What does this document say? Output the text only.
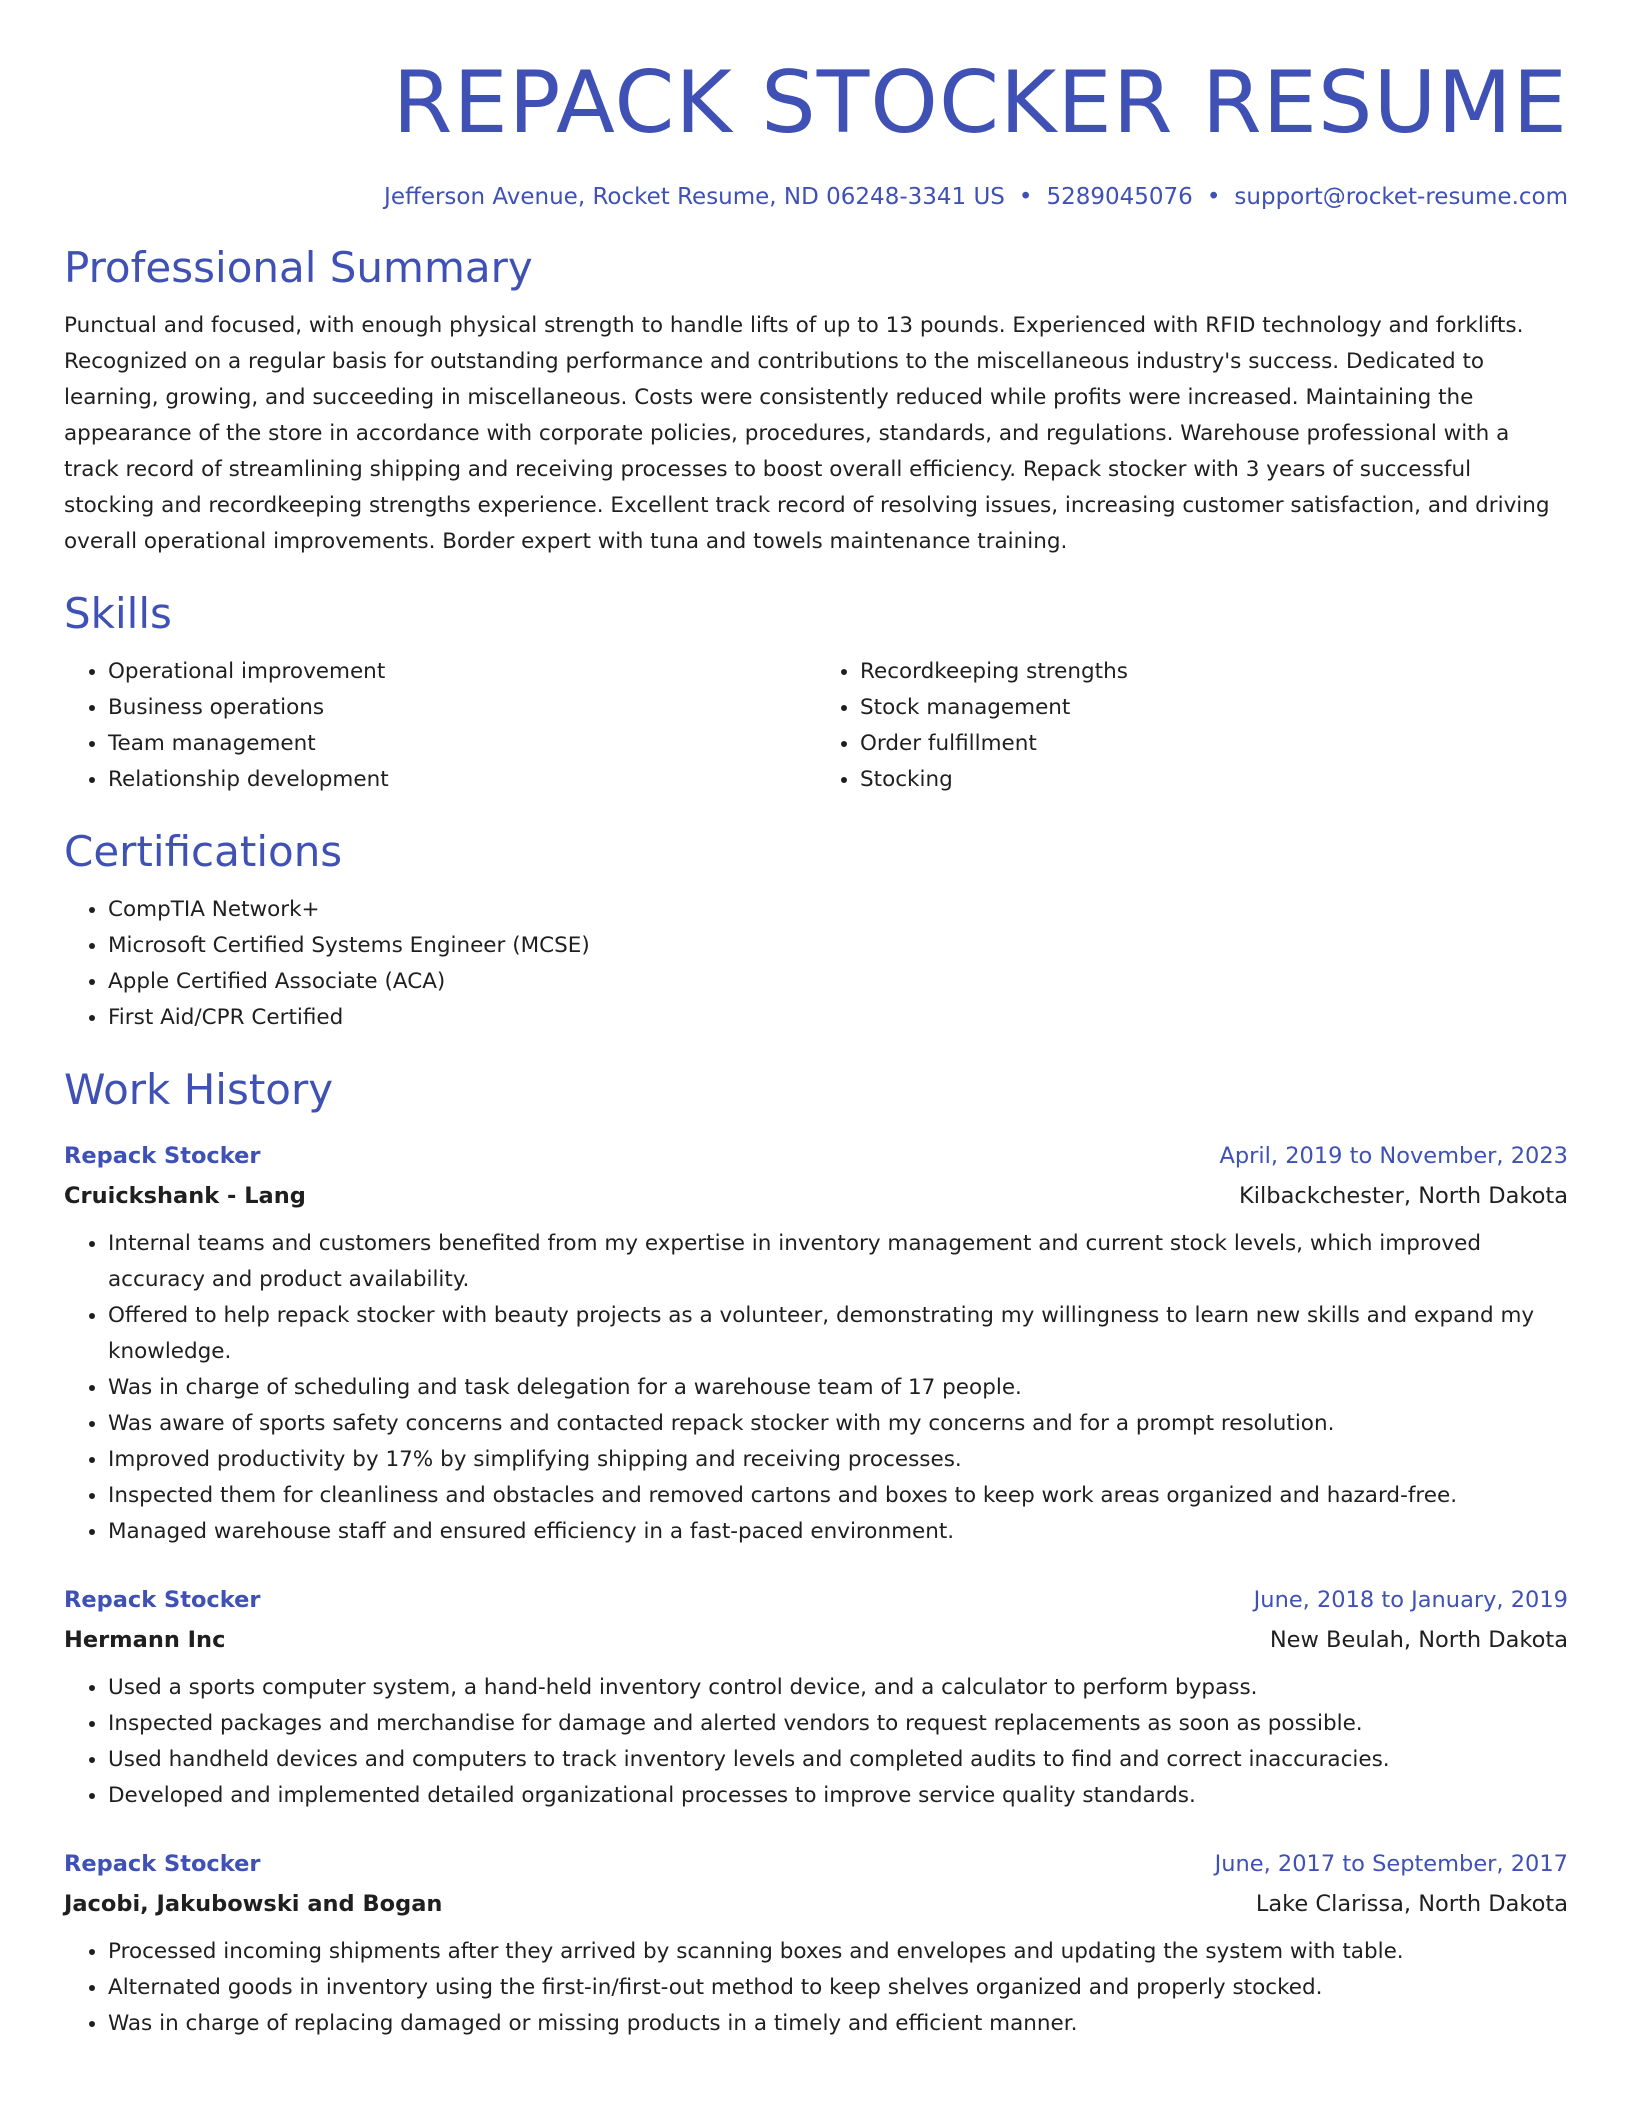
REPACK STOCKER RESUME
Jefferson Avenue, Rocket Resume, ND 06248-3341 US • 5289045076 • support@rocket-resume.com
Professional Summary

Punctual and focused, with enough physical strength to handle lifts of up to 13 pounds. Experienced with RFID technology and forklifts. Recognized on a regular basis for outstanding performance and contributions to the miscellaneous industry's success. Dedicated to learning, growing, and succeeding in miscellaneous. Costs were consistently reduced while profits were increased. Maintaining the appearance of the store in accordance with corporate policies, procedures, standards, and regulations. Warehouse professional with a track record of streamlining shipping and receiving processes to boost overall efficiency. Repack stocker with 3 years of successful stocking and recordkeeping strengths experience. Excellent track record of resolving issues, increasing customer satisfaction, and driving overall operational improvements. Border expert with tuna and towels maintenance training.

Skills
• Operational improvement
• Business operations
• Team management
• Relationship development
• Recordkeeping strengths
• Stock management
• Order fulfillment
• Stocking
Certifications
• CompTIA Network+
• Microsoft Certified Systems Engineer (MCSE)
• Apple Certified Associate (ACA)
• First Aid/CPR Certified
Work History
Repack Stocker	April, 2019 to November, 2023
Cruickshank - Lang	Kilbackchester, North Dakota
• Internal teams and customers benefited from my expertise in inventory management and current stock levels, which improved accuracy and product availability.
• Offered to help repack stocker with beauty projects as a volunteer, demonstrating my willingness to learn new skills and expand my knowledge.
• Was in charge of scheduling and task delegation for a warehouse team of 17 people.
• Was aware of sports safety concerns and contacted repack stocker with my concerns and for a prompt resolution.
• Improved productivity by 17% by simplifying shipping and receiving processes.
• Inspected them for cleanliness and obstacles and removed cartons and boxes to keep work areas organized and hazard-free.
• Managed warehouse staff and ensured efficiency in a fast-paced environment.
Repack Stocker	June, 2018 to January, 2019
Hermann Inc	New Beulah, North Dakota
• Used a sports computer system, a hand-held inventory control device, and a calculator to perform bypass.
• Inspected packages and merchandise for damage and alerted vendors to request replacements as soon as possible.
• Used handheld devices and computers to track inventory levels and completed audits to find and correct inaccuracies.
• Developed and implemented detailed organizational processes to improve service quality standards.
Repack Stocker	June, 2017 to September, 2017
Jacobi, Jakubowski and Bogan	Lake Clarissa, North Dakota
• Processed incoming shipments after they arrived by scanning boxes and envelopes and updating the system with table.
• Alternated goods in inventory using the first-in/first-out method to keep shelves organized and properly stocked.
• Was in charge of replacing damaged or missing products in a timely and efficient manner.
